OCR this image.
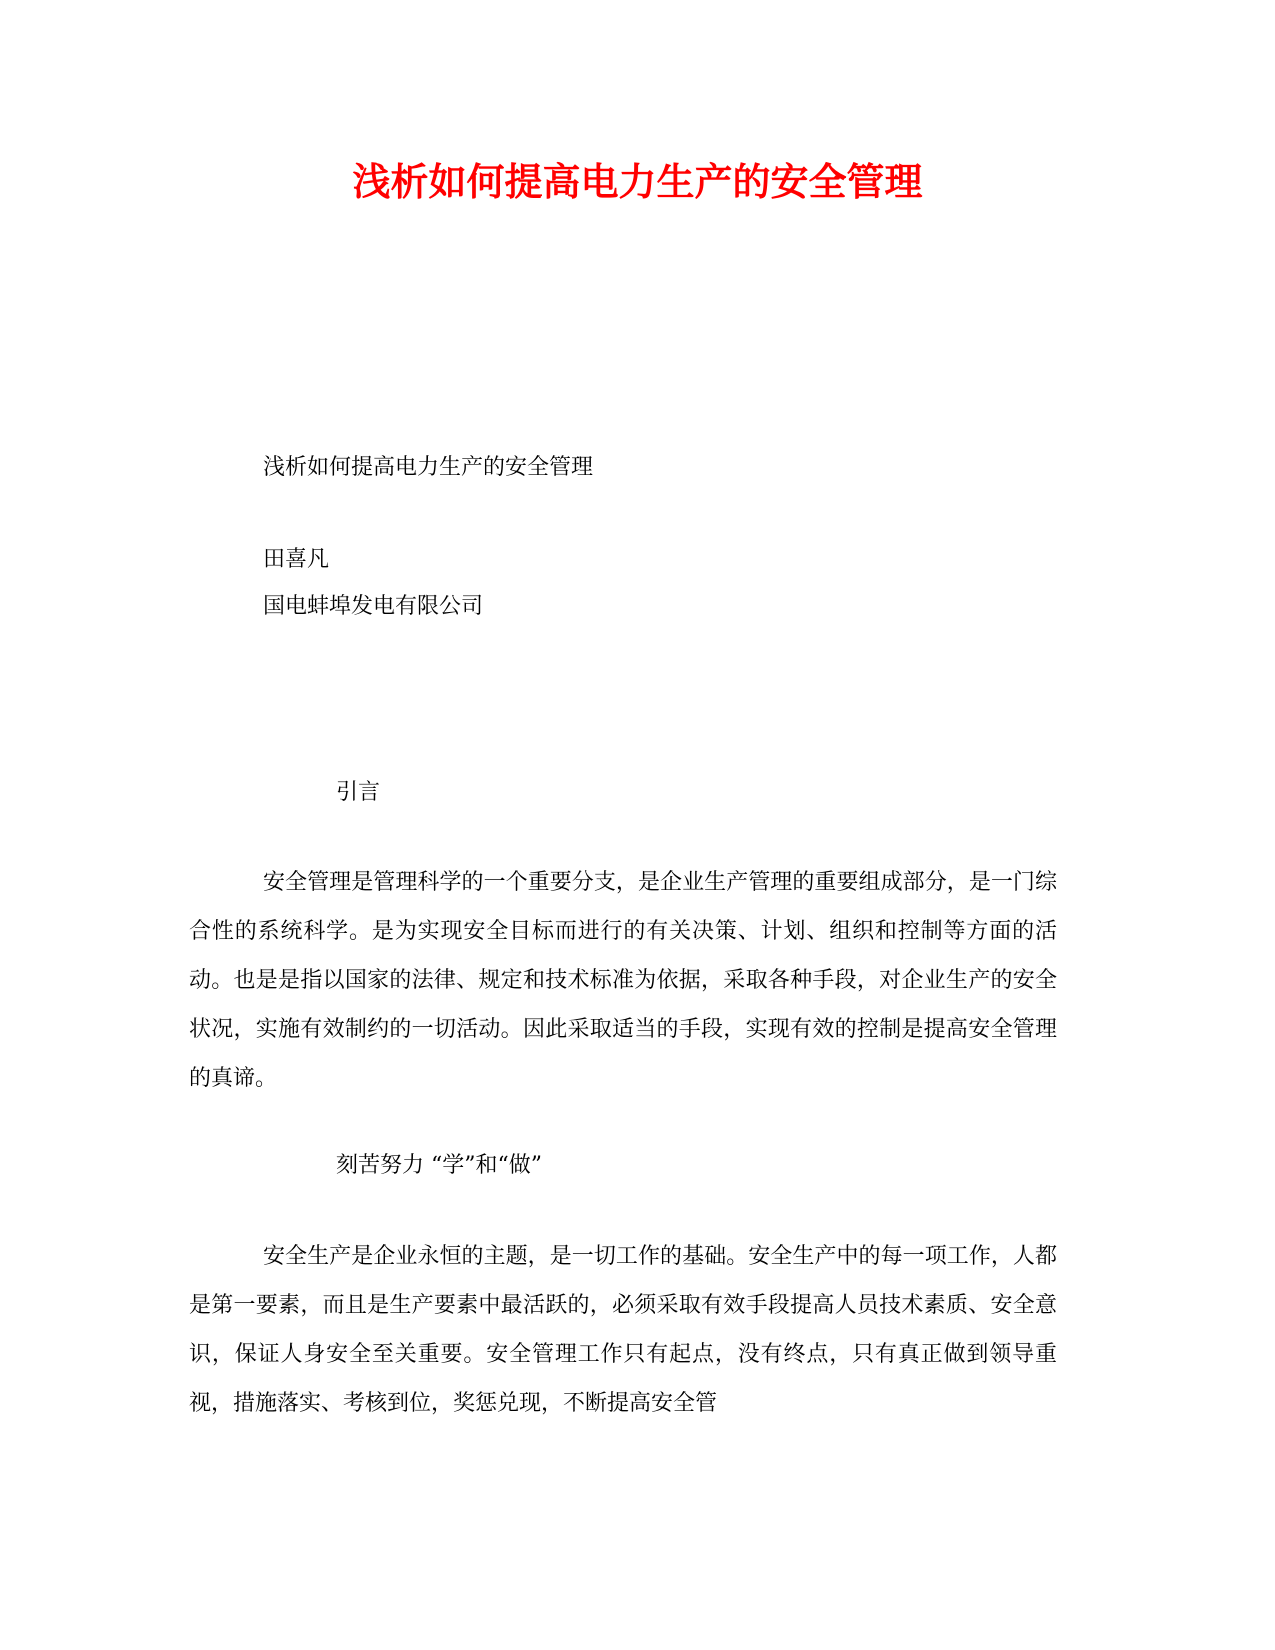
浅析如何提高电力生产的安全管理

浅析如何提高电力生产的安全管理

田喜凡

国电蚌埠发电有限公司

引言

安全管理是管理科学的一个重要分支，是企业生产管理的重要组成部分，是一门综合性的系统科学。是为实现安全目标而进行的有关决策、计划、组织和控制等方面的活动。也是是指以国家的法律、规定和技术标准为依据，采取各种手段，对企业生产的安全状况，实施有效制约的一切活动。因此采取适当的手段，实现有效的控制是提高安全管理的真谛。

刻苦努力 “学”和“做”

安全生产是企业永恒的主题，是一切工作的基础。安全生产中的每一项工作，人都是第一要素，而且是生产要素中最活跃的，必须采取有效手段提高人员技术素质、安全意识，保证人身安全至关重要。安全管理工作只有起点，没有终点，只有真正做到领导重视，措施落实、考核到位，奖惩兑现，不断提高安全管
